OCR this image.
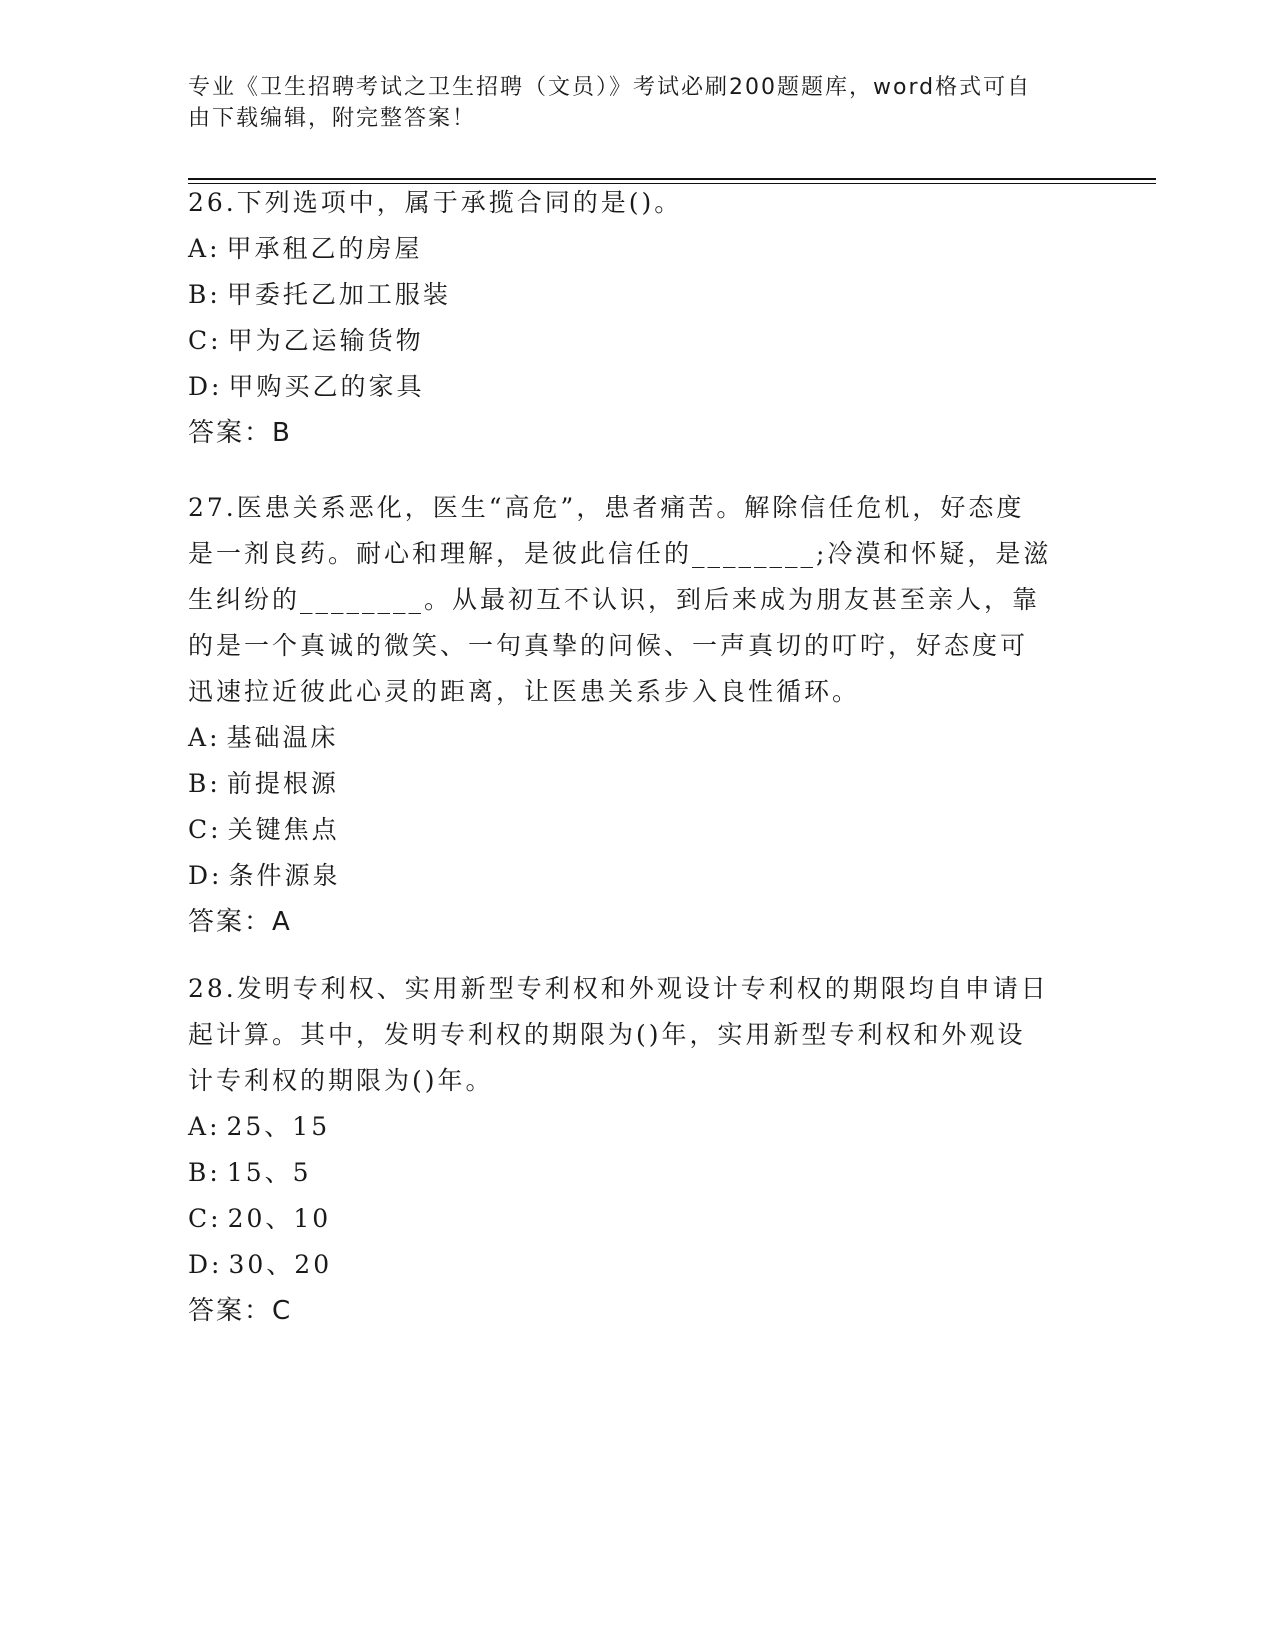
专业《卫生招聘考试之卫生招聘（文员）》考试必刷200题题库，word格式可自
由下载编辑，附完整答案！

26.下列选项中，属于承揽合同的是()。

A: 甲承租乙的房屋

B: 甲委托乙加工服装

C: 甲为乙运输货物

D: 甲购买乙的家具

答案：B

27.医患关系恶化，医生“高危”，患者痛苦。解除信任危机，好态度

是一剂良药。耐心和理解，是彼此信任的________;冷漠和怀疑，是滋

生纠纷的________。从最初互不认识，到后来成为朋友甚至亲人，靠

的是一个真诚的微笑、一句真挚的问候、一声真切的叮咛，好态度可

迅速拉近彼此心灵的距离，让医患关系步入良性循环。

A: 基础温床

B: 前提根源

C: 关键焦点

D: 条件源泉

答案：A

28.发明专利权、实用新型专利权和外观设计专利权的期限均自申请日

起计算。其中，发明专利权的期限为()年，实用新型专利权和外观设

计专利权的期限为()年。

A: 25、15

B: 15、5

C: 20、10

D: 30、20

答案：C
